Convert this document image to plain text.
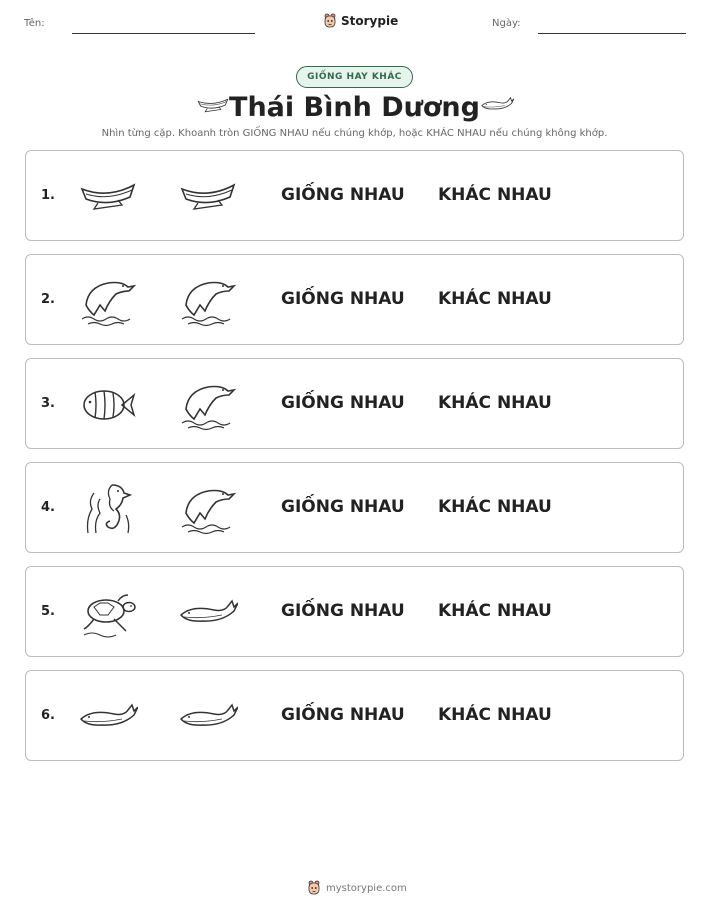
Tên:	Storypie	Ngày:
GIỐNG HAY KHÁC
Thái Bình Dương
Nhìn từng cặp. Khoanh tròn GIỐNG NHAU nếu chúng khớp, hoặc KHÁC NHAU nếu chúng không khớp.
1.	GIỐNG NHAU KHÁC NHAU
2.	GIỐNG NHAU KHÁC NHAU
3.	GIỐNG NHAU KHÁC NHAU
4.	GIỐNG NHAU KHÁC NHAU
5.	GIỐNG NHAU KHÁC NHAU
6.	GIỐNG NHAU KHÁC NHAU
mystorypie.com
